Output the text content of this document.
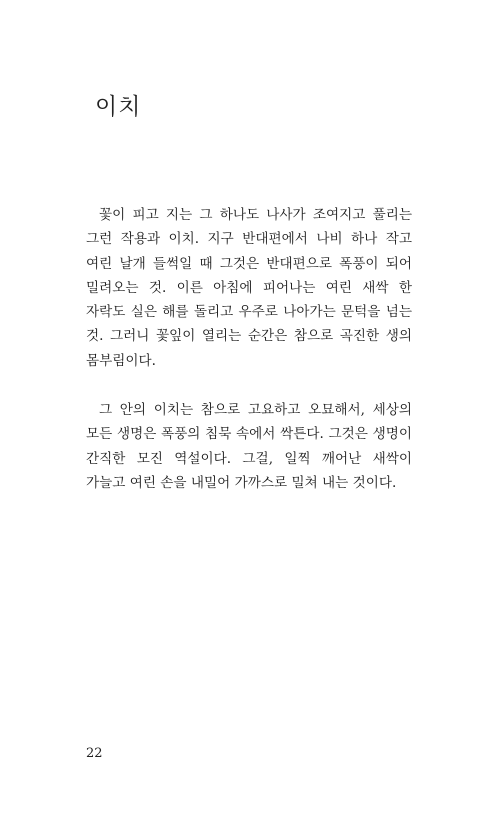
이치

꽃이 피고 지는 그 하나도 나사가 조여지고 풀리는 그런 작용과 이치. 지구 반대편에서 나비 하나 작고 여린 날개 들썩일 때 그것은 반대편으로 폭풍이 되어 밀려오는 것. 이른 아침에 피어나는 여린 새싹 한 자락도 실은 해를 돌리고 우주로 나아가는 문턱을 넘는 것. 그러니 꽃잎이 열리는 순간은 참으로 곡진한 생의 몸부림이다.

그 안의 이치는 참으로 고요하고 오묘해서, 세상의 모든 생명은 폭풍의 침묵 속에서 싹튼다. 그것은 생명이 간직한 모진 역설이다. 그걸, 일찍 깨어난 새싹이 가늘고 여린 손을 내밀어 가까스로 밀쳐 내는 것이다.

22
